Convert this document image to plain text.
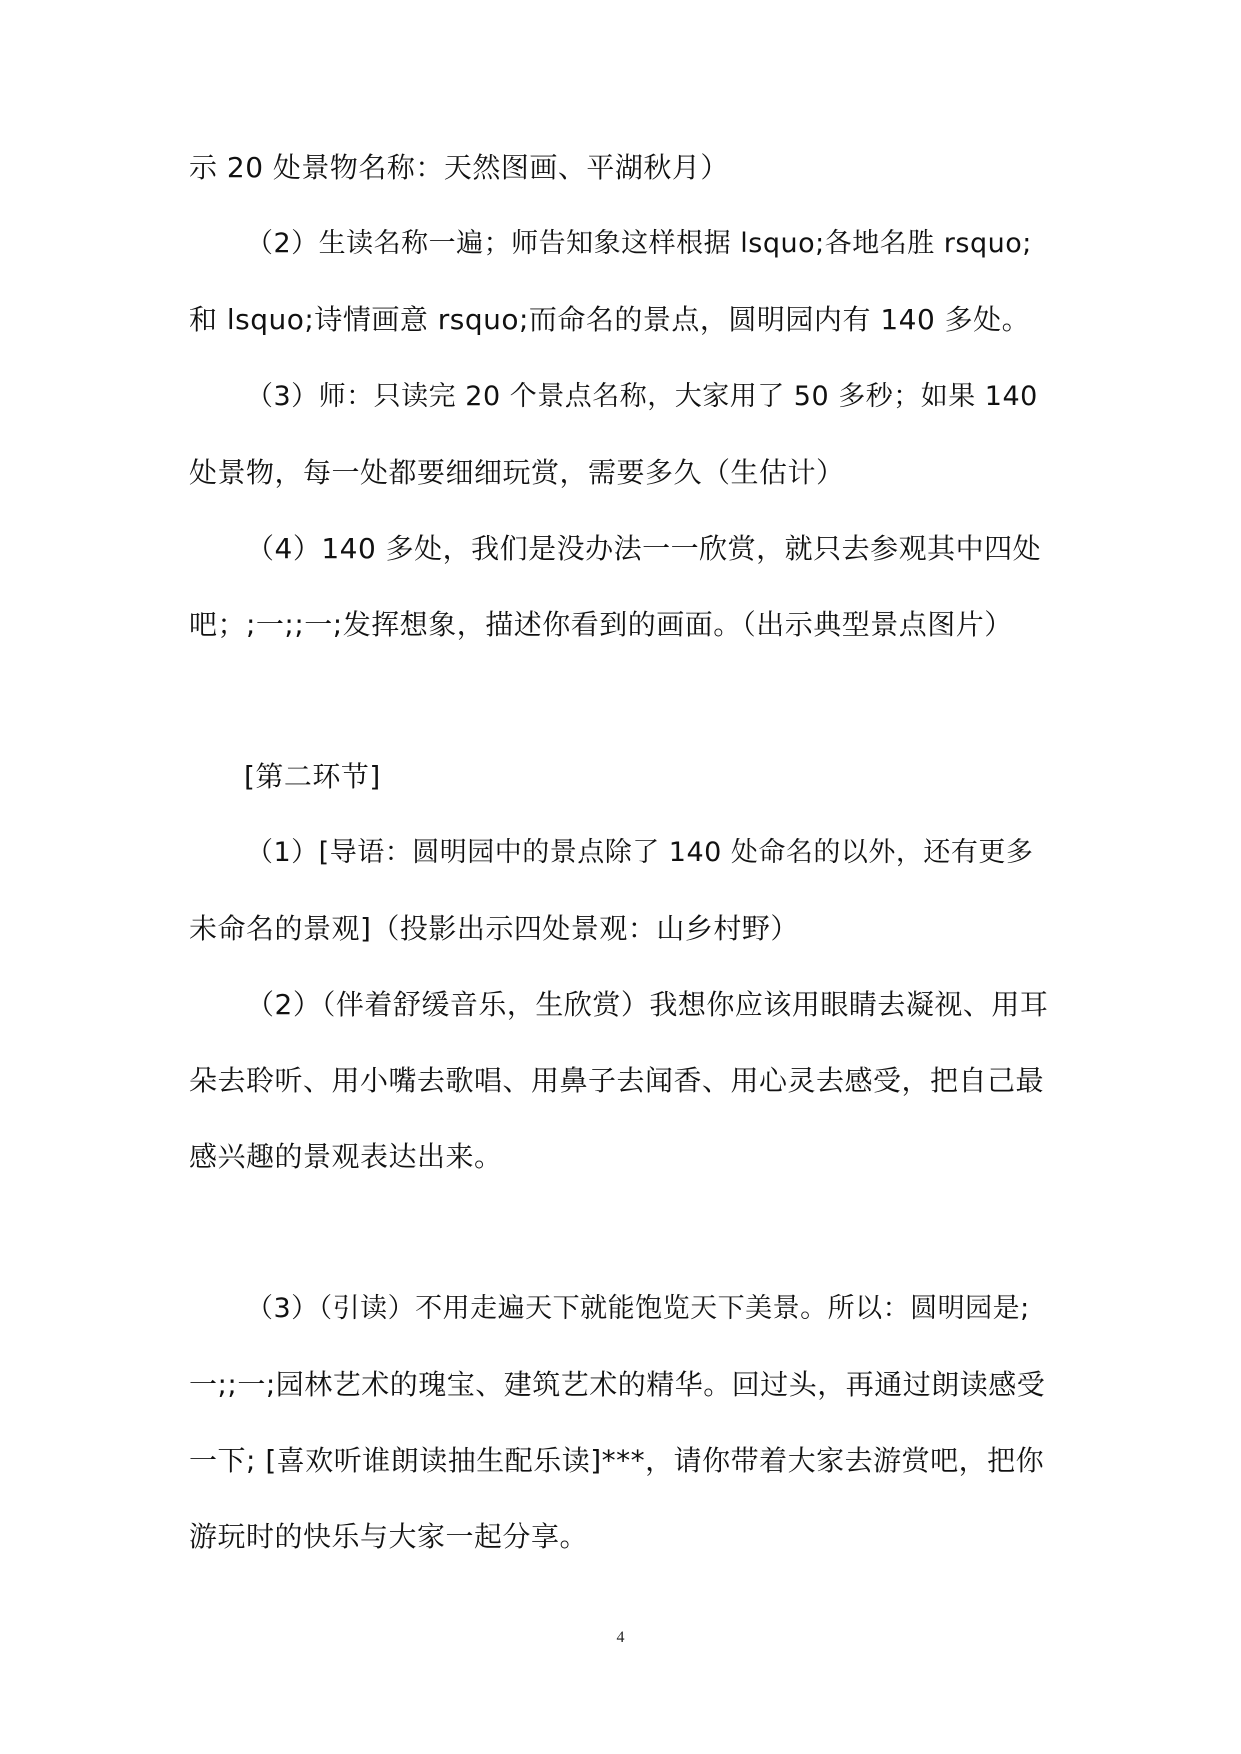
示 20 处景物名称：天然图画、平湖秋月）
（2）生读名称一遍；师告知象这样根据 lsquo;各地名胜 rsquo;
和 lsquo;诗情画意 rsquo;而命名的景点，圆明园内有 140 多处。
（3）师：只读完 20 个景点名称，大家用了 50 多秒；如果 140
处景物，每一处都要细细玩赏，需要多久（生估计）
（4）140 多处，我们是没办法一一欣赏，就只去参观其中四处
吧；;一;;一;发挥想象，描述你看到的画面。（出示典型景点图片）
[第二环节]
（1）[导语：圆明园中的景点除了 140 处命名的以外，还有更多
未命名的景观]（投影出示四处景观：山乡村野）
（2）（伴着舒缓音乐，生欣赏）我想你应该用眼睛去凝视、用耳
朵去聆听、用小嘴去歌唱、用鼻子去闻香、用心灵去感受，把自己最
感兴趣的景观表达出来。
（3）（引读）不用走遍天下就能饱览天下美景。所以：圆明园是;
一;;一;园林艺术的瑰宝、建筑艺术的精华。回过头，再通过朗读感受
一下; [喜欢听谁朗读抽生配乐读]***，请你带着大家去游赏吧，把你
游玩时的快乐与大家一起分享。
4
